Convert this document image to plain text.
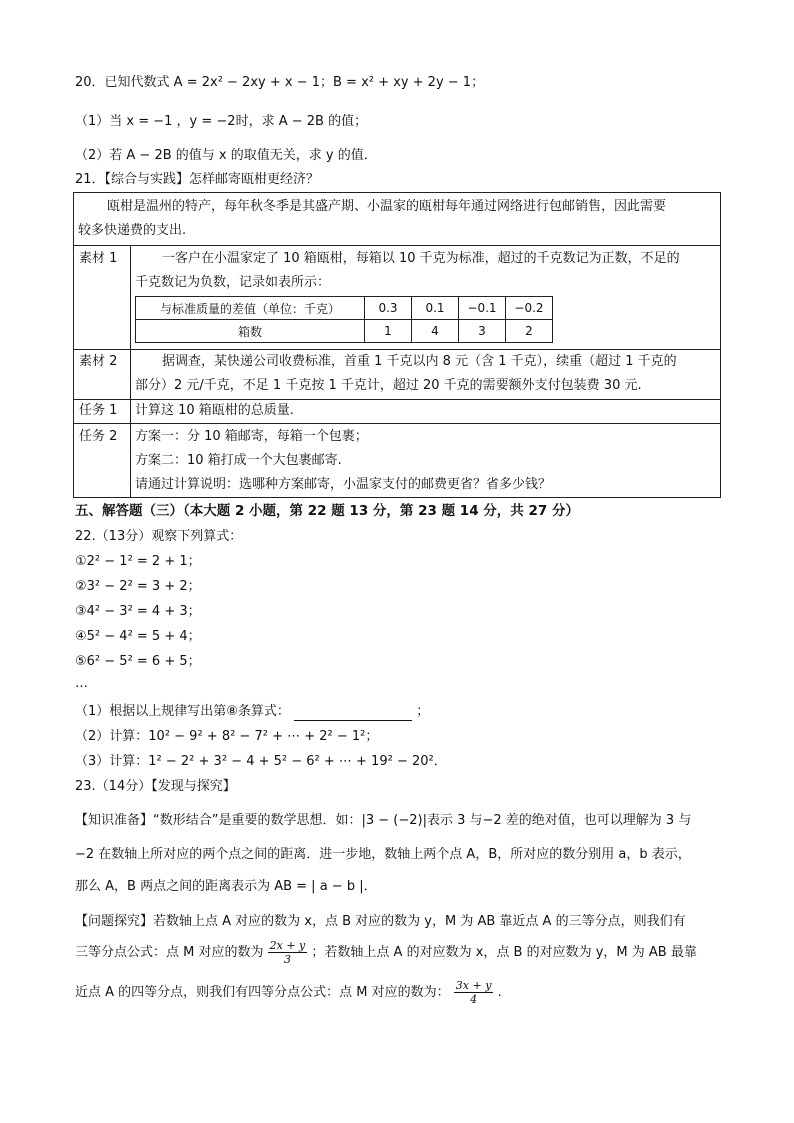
20．已知代数式 A = 2x² − 2xy + x − 1；B = x² + xy + 2y − 1；
（1）当 x = −1 ，y = −2时，求 A − 2B 的值；
（2）若 A − 2B 的值与 x 的取值无关，求 y 的值．
21．【综合与实践】怎样邮寄瓯柑更经济？
瓯柑是温州的特产，每年秋冬季是其盛产期、小温家的瓯柑每年通过网络进行包邮销售，因此需要
较多快递费的支出.
素材 1	一客户在小温家定了 10 箱瓯柑，每箱以 10 千克为标准，超过的千克数记为正数，不足的
千克数记为负数，记录如表所示：
与标准质量的差值（单位：千克）	0.3	0.1	−0.1	−0.2
箱数	1	4	3	2
素材 2	据调查，某快递公司收费标准，首重 1 千克以内 8 元（含 1 千克），续重（超过 1 千克的
部分）2 元/千克，不足 1 千克按 1 千克计，超过 20 千克的需要额外支付包装费 30 元.
任务 1 计算这 10 箱瓯柑的总质量.
任务 2 方案一：分 10 箱邮寄，每箱一个包裹；
方案二：10 箱打成一个大包裹邮寄.
请通过计算说明：选哪种方案邮寄，小温家支付的邮费更省？省多少钱？
五、解答题（三）（本大题 2 小题，第 22 题 13 分，第 23 题 14 分，共 27 分）
22.（13分）观察下列算式：
①2² − 1² = 2 + 1；
②3² − 2² = 3 + 2；
③4² − 3² = 4 + 3；
④5² − 4² = 5 + 4；
⑤6² − 5² = 6 + 5；
…
（1）根据以上规律写出第⑧条算式：	；
（2）计算：10² − 9² + 8² − 7² + ⋯ + 2² − 1²；
（3）计算：1² − 2² + 3² − 4 + 5² − 6² + ⋯ + 19² − 20²．
23.（14分）【发现与探究】
【知识准备】“数形结合”是重要的数学思想．如：|3 − (−2)|表示 3 与−2 差的绝对值，也可以理解为 3 与
−2 在数轴上所对应的两个点之间的距离．进一步地，数轴上两个点 A，B，所对应的数分别用 a，b 表示，
那么 A，B 两点之间的距离表示为 AB = | a − b |．
【问题探究】若数轴上点 A 对应的数为 x，点 B 对应的数为 y，M 为 AB 靠近点 A 的三等分点，则我们有
三等分点公式：点 M 对应的数为 $\frac{2x + y}{3}$ ；若数轴上点 A 的对应数为 x，点 B 的对应数为 y，M 为 AB 最靠
近点 A 的四等分点，则我们有四等分点公式：点 M 对应的数为： $\frac{3x + y}{4}$ .
